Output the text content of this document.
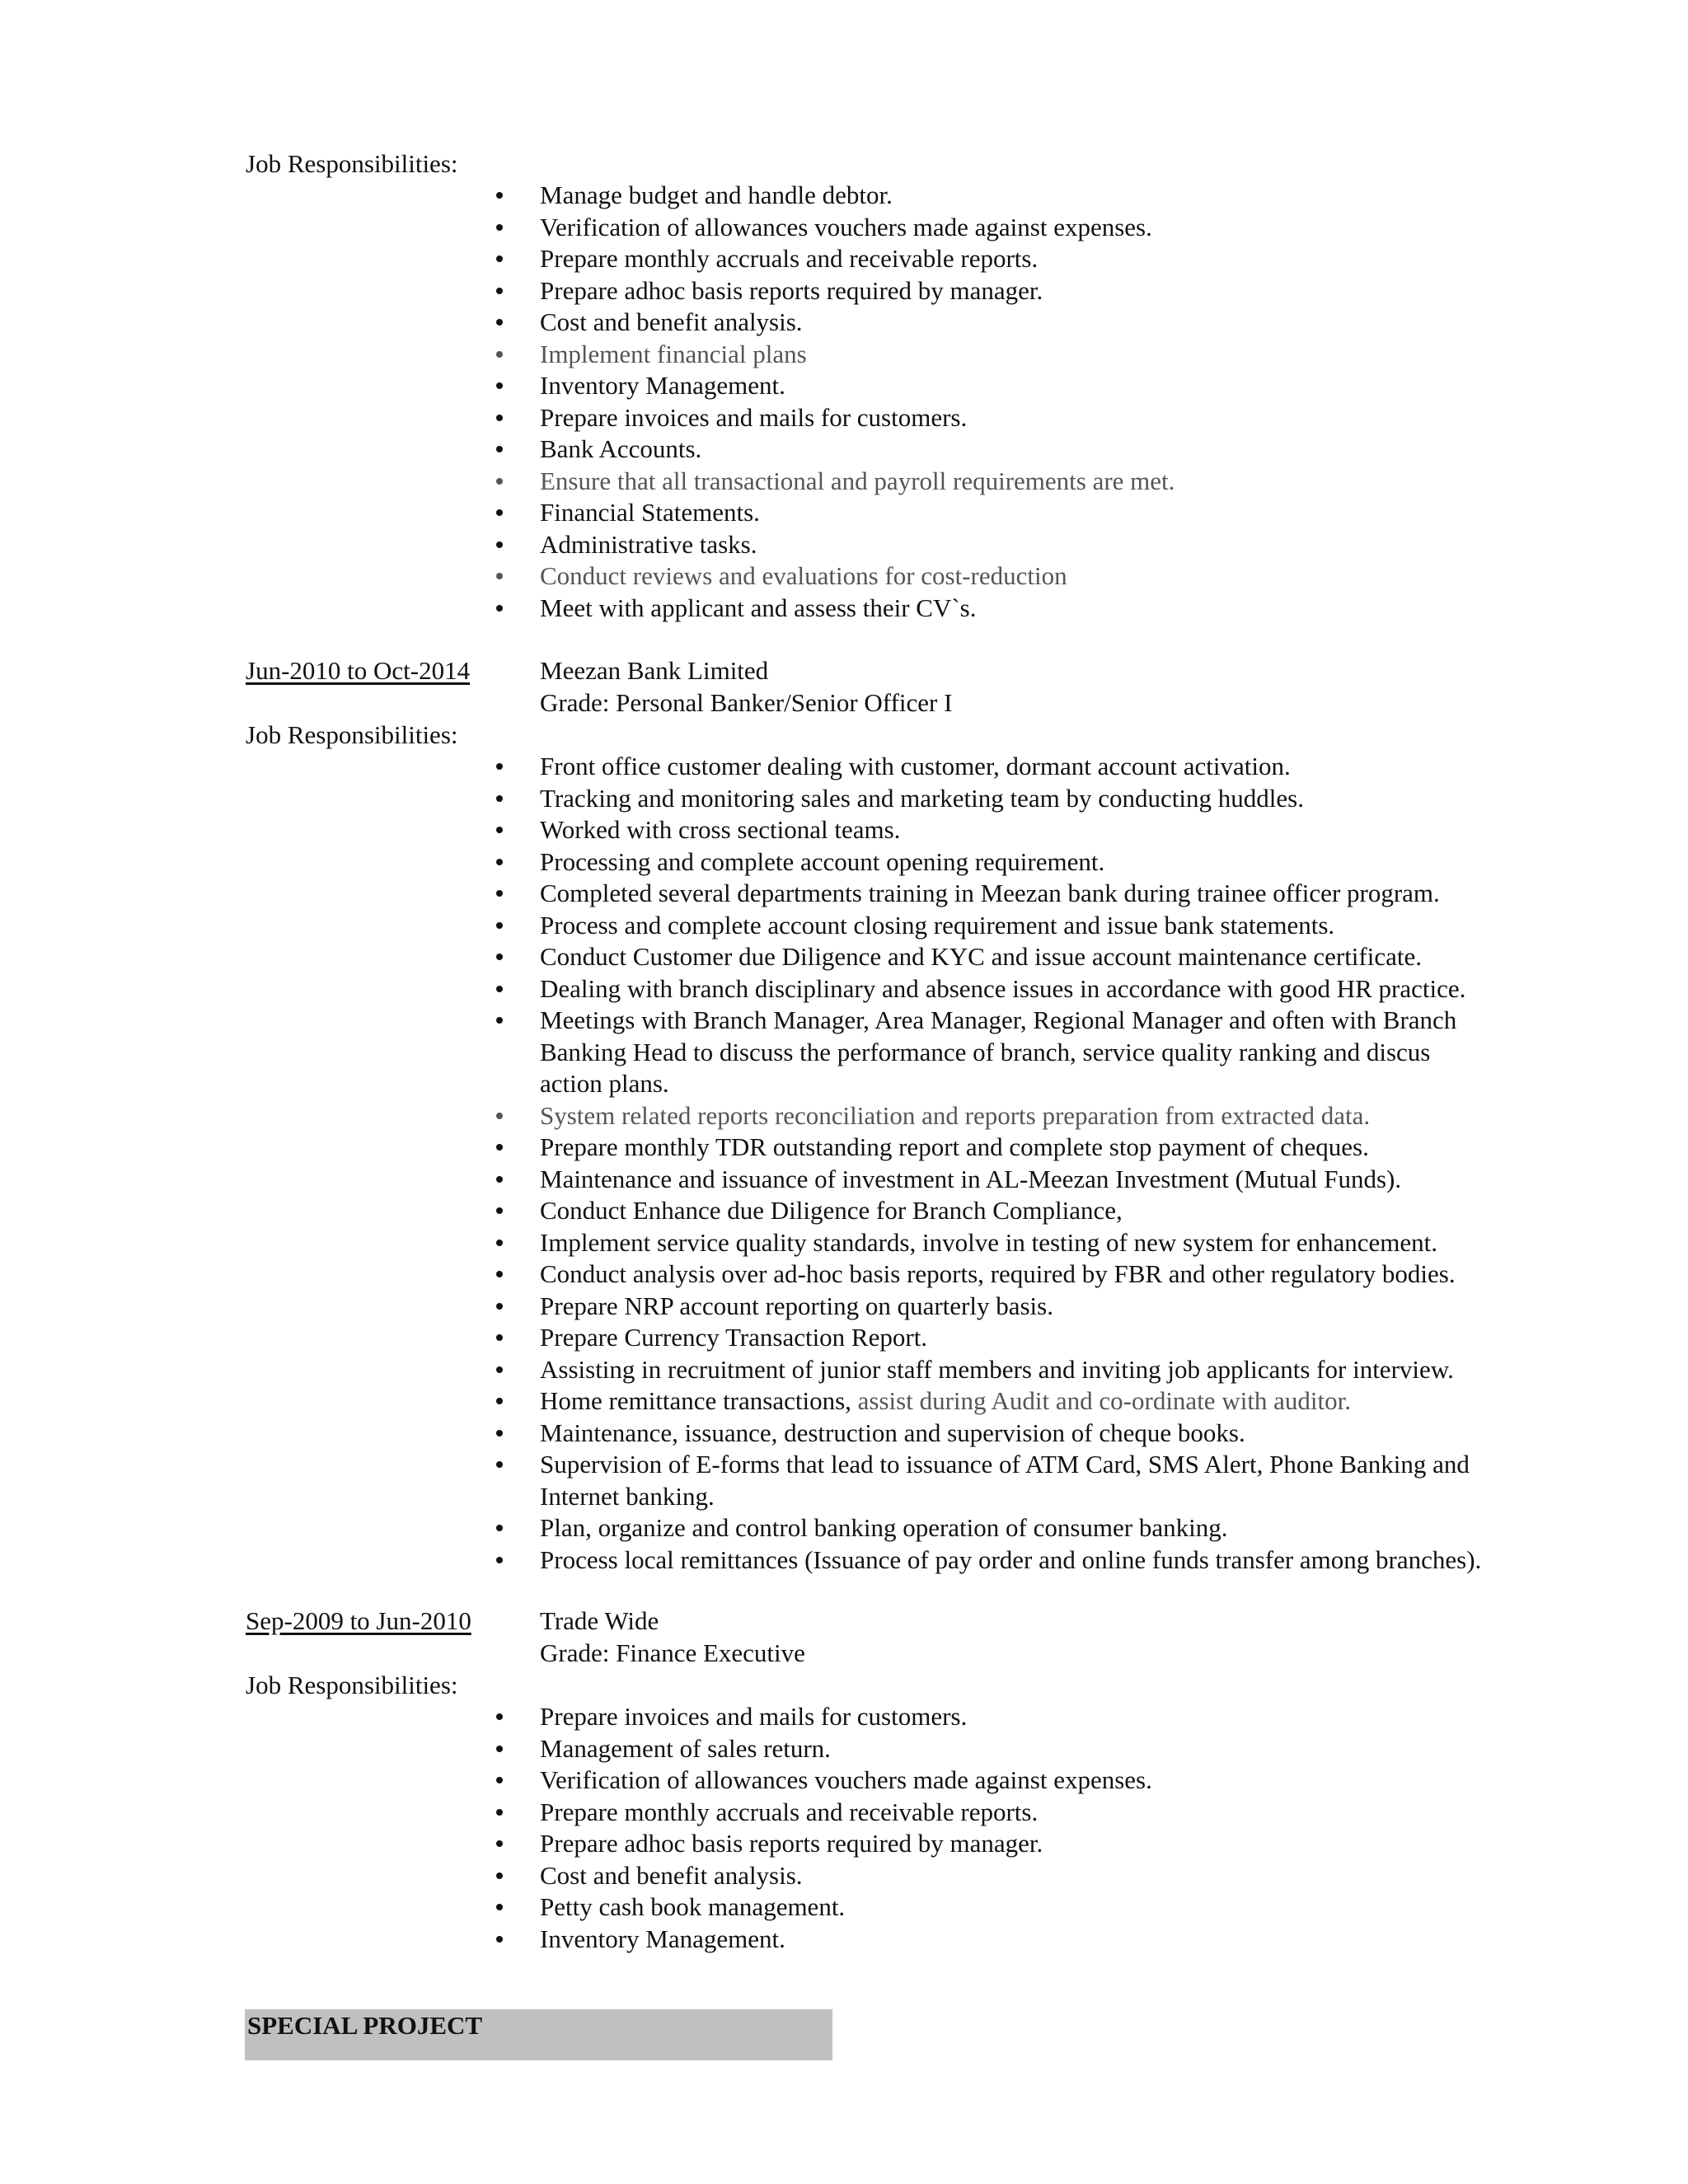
Job Responsibilities:
Manage budget and handle debtor.
Verification of allowances vouchers made against expenses.
Prepare monthly accruals and receivable reports.
Prepare adhoc basis reports required by manager.
Cost and benefit analysis.
Implement financial plans
Inventory Management.
Prepare invoices and mails for customers.
Bank Accounts.
Ensure that all transactional and payroll requirements are met.
Financial Statements.
Administrative tasks.
Conduct reviews and evaluations for cost-reduction
Meet with applicant and assess their CV`s.
Jun-2010 to Oct-2014	Meezan Bank Limited
Grade: Personal Banker/Senior Officer I
Job Responsibilities:
Front office customer dealing with customer, dormant account activation.
Tracking and monitoring sales and marketing team by conducting huddles.
Worked with cross sectional teams.
Processing and complete account opening requirement.
Completed several departments training in Meezan bank during trainee officer program.
Process and complete account closing requirement and issue bank statements.
Conduct Customer due Diligence and KYC and issue account maintenance certificate.
Dealing with branch disciplinary and absence issues in accordance with good HR practice.
Meetings with Branch Manager, Area Manager, Regional Manager and often with Branch
Banking Head to discuss the performance of branch, service quality ranking and discus
action plans.
System related reports reconciliation and reports preparation from extracted data.
Prepare monthly TDR outstanding report and complete stop payment of cheques.
Maintenance and issuance of investment in AL-Meezan Investment (Mutual Funds).
Conduct Enhance due Diligence for Branch Compliance,
Implement service quality standards, involve in testing of new system for enhancement.
Conduct analysis over ad-hoc basis reports, required by FBR and other regulatory bodies.
Prepare NRP account reporting on quarterly basis.
Prepare Currency Transaction Report.
Assisting in recruitment of junior staff members and inviting job applicants for interview.
Home remittance transactions, assist during Audit and co-ordinate with auditor.
Maintenance, issuance, destruction and supervision of cheque books.
Supervision of E-forms that lead to issuance of ATM Card, SMS Alert, Phone Banking and
Internet banking.
Plan, organize and control banking operation of consumer banking.
Process local remittances (Issuance of pay order and online funds transfer among branches).
Sep-2009 to Jun-2010	Trade Wide
Grade: Finance Executive
Job Responsibilities:
Prepare invoices and mails for customers.
Management of sales return.
Verification of allowances vouchers made against expenses.
Prepare monthly accruals and receivable reports.
Prepare adhoc basis reports required by manager.
Cost and benefit analysis.
Petty cash book management.
Inventory Management.
SPECIAL PROJECT
